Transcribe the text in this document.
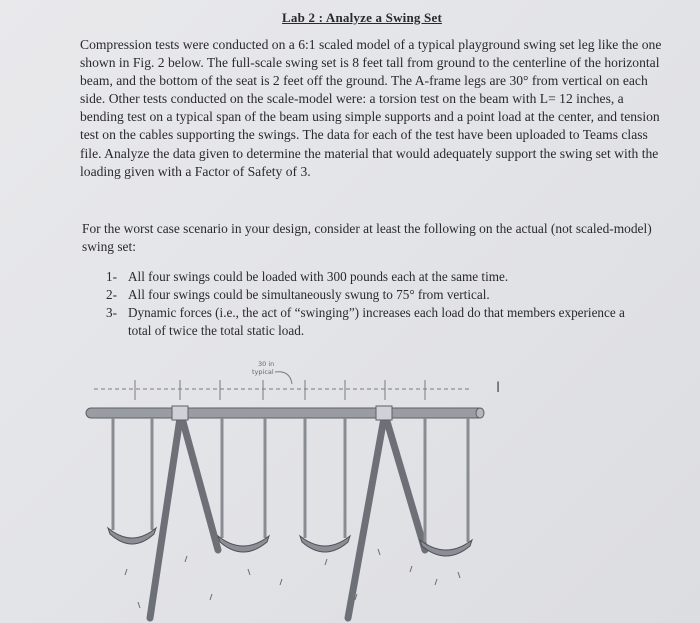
Lab 2 : Analyze a Swing Set
Compression tests were conducted on a 6:1 scaled model of a typical playground swing set leg like the one shown in Fig. 2 below. The full-scale swing set is 8 feet tall from ground to the centerline of the horizontal beam, and the bottom of the seat is 2 feet off the ground. The A-frame legs are 30° from vertical on each side. Other tests conducted on the scale-model were: a torsion test on the beam with L= 12 inches, a bending test on a typical span of the beam using simple supports and a point load at the center, and tension test on the cables supporting the swings. The data for each of the test have been uploaded to Teams class file. Analyze the data given to determine the material that would adequately support the swing set with the loading given with a Factor of Safety of 3.
For the worst case scenario in your design, consider at least the following on the actual (not scaled-model) swing set:
1- All four swings could be loaded with 300 pounds each at the same time.
2- All four swings could be simultaneously swung to 75° from vertical.
3- Dynamic forces (i.e., the act of “swinging”) increases each load do that members experience a total of twice the total static load.
30 in
typical
I
